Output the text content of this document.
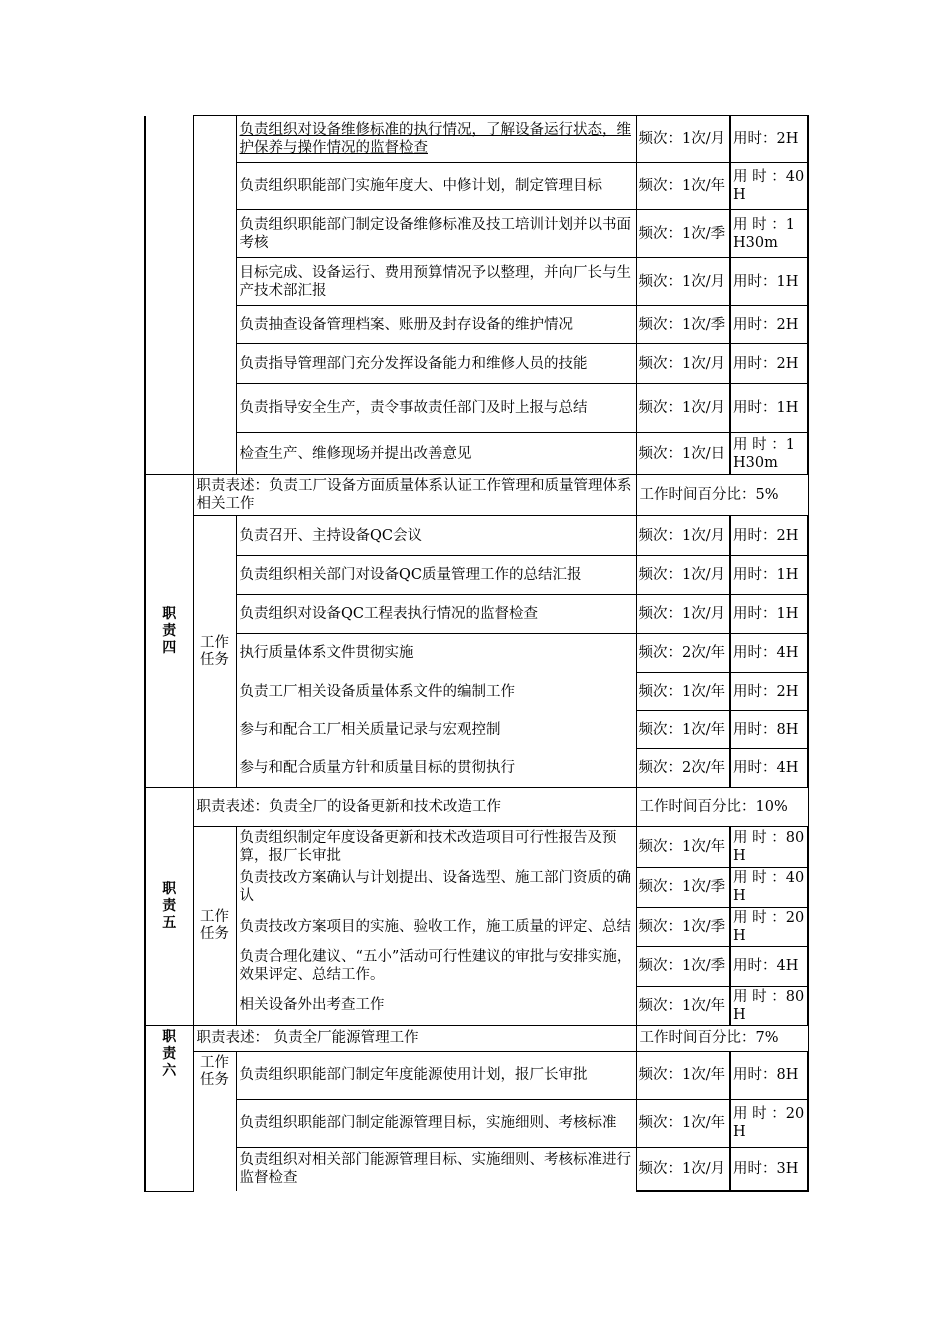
		负责组织对设备维修标准的执行情况，了解设备运行状态，维护保养与操作情况的监督检查	频次：1次/月	用时：2H
		负责组织职能部门实施年度大、中修计划，制定管理目标	频次：1次/年	用 时 ：40H
		负责组织职能部门制定设备维修标准及技工培训计划并以书面考核	频次：1次/季	用 时 ：1H30m
		目标完成、设备运行、费用预算情况予以整理，并向厂长与生产技术部汇报	频次：1次/月	用时：1H
		负责抽查设备管理档案、账册及封存设备的维护情况	频次：1次/季	用时：2H
		负责指导管理部门充分发挥设备能力和维修人员的技能	频次：1次/月	用时：2H
		负责指导安全生产，责令事故责任部门及时上报与总结	频次：1次/月	用时：1H
		检查生产、维修现场并提出改善意见	频次：1次/日	用 时 ：1H30m
职责四	职责表述：负责工厂设备方面质量体系认证工作管理和质量管理体系相关工作		工作时间百分比：5%	
	工作任务	负责召开、主持设备QC会议	频次：1次/月	用时：2H
		负责组织相关部门对设备QC质量管理工作的总结汇报	频次：1次/月	用时：1H
		负责组织对设备QC工程表执行情况的监督检查	频次：1次/月	用时：1H
		执行质量体系文件贯彻实施	频次：2次/年	用时：4H
		负责工厂相关设备质量体系文件的编制工作	频次：1次/年	用时：2H
		参与和配合工厂相关质量记录与宏观控制	频次：1次/年	用时：8H
		参与和配合质量方针和质量目标的贯彻执行	频次：2次/年	用时：4H
职责五	职责表述：负责全厂的设备更新和技术改造工作		工作时间百分比：10%	
	工作任务	负责组织制定年度设备更新和技术改造项目可行性报告及预算，报厂长审批	频次：1次/年	用 时 ：80H
		负责技改方案确认与计划提出、设备选型、施工部门资质的确认	频次：1次/季	用 时 ：40H
		负责技改方案项目的实施、验收工作，施工质量的评定、总结	频次：1次/季	用 时 ：20H
		负责合理化建议、“五小”活动可行性建议的审批与安排实施，效果评定、总结工作。	频次：1次/季	用时：4H
		相关设备外出考查工作	频次：1次/年	用 时 ：80H
职责六	职责表述： 负责全厂能源管理工作		工作时间百分比：7%	
	工作任务	负责组织职能部门制定年度能源使用计划，报厂长审批	频次：1次/年	用时：8H
		负责组织职能部门制定能源管理目标，实施细则、考核标准	频次：1次/年	用 时 ：20H
		负责组织对相关部门能源管理目标、实施细则、考核标准进行监督检查	频次：1次/月	用时：3H
